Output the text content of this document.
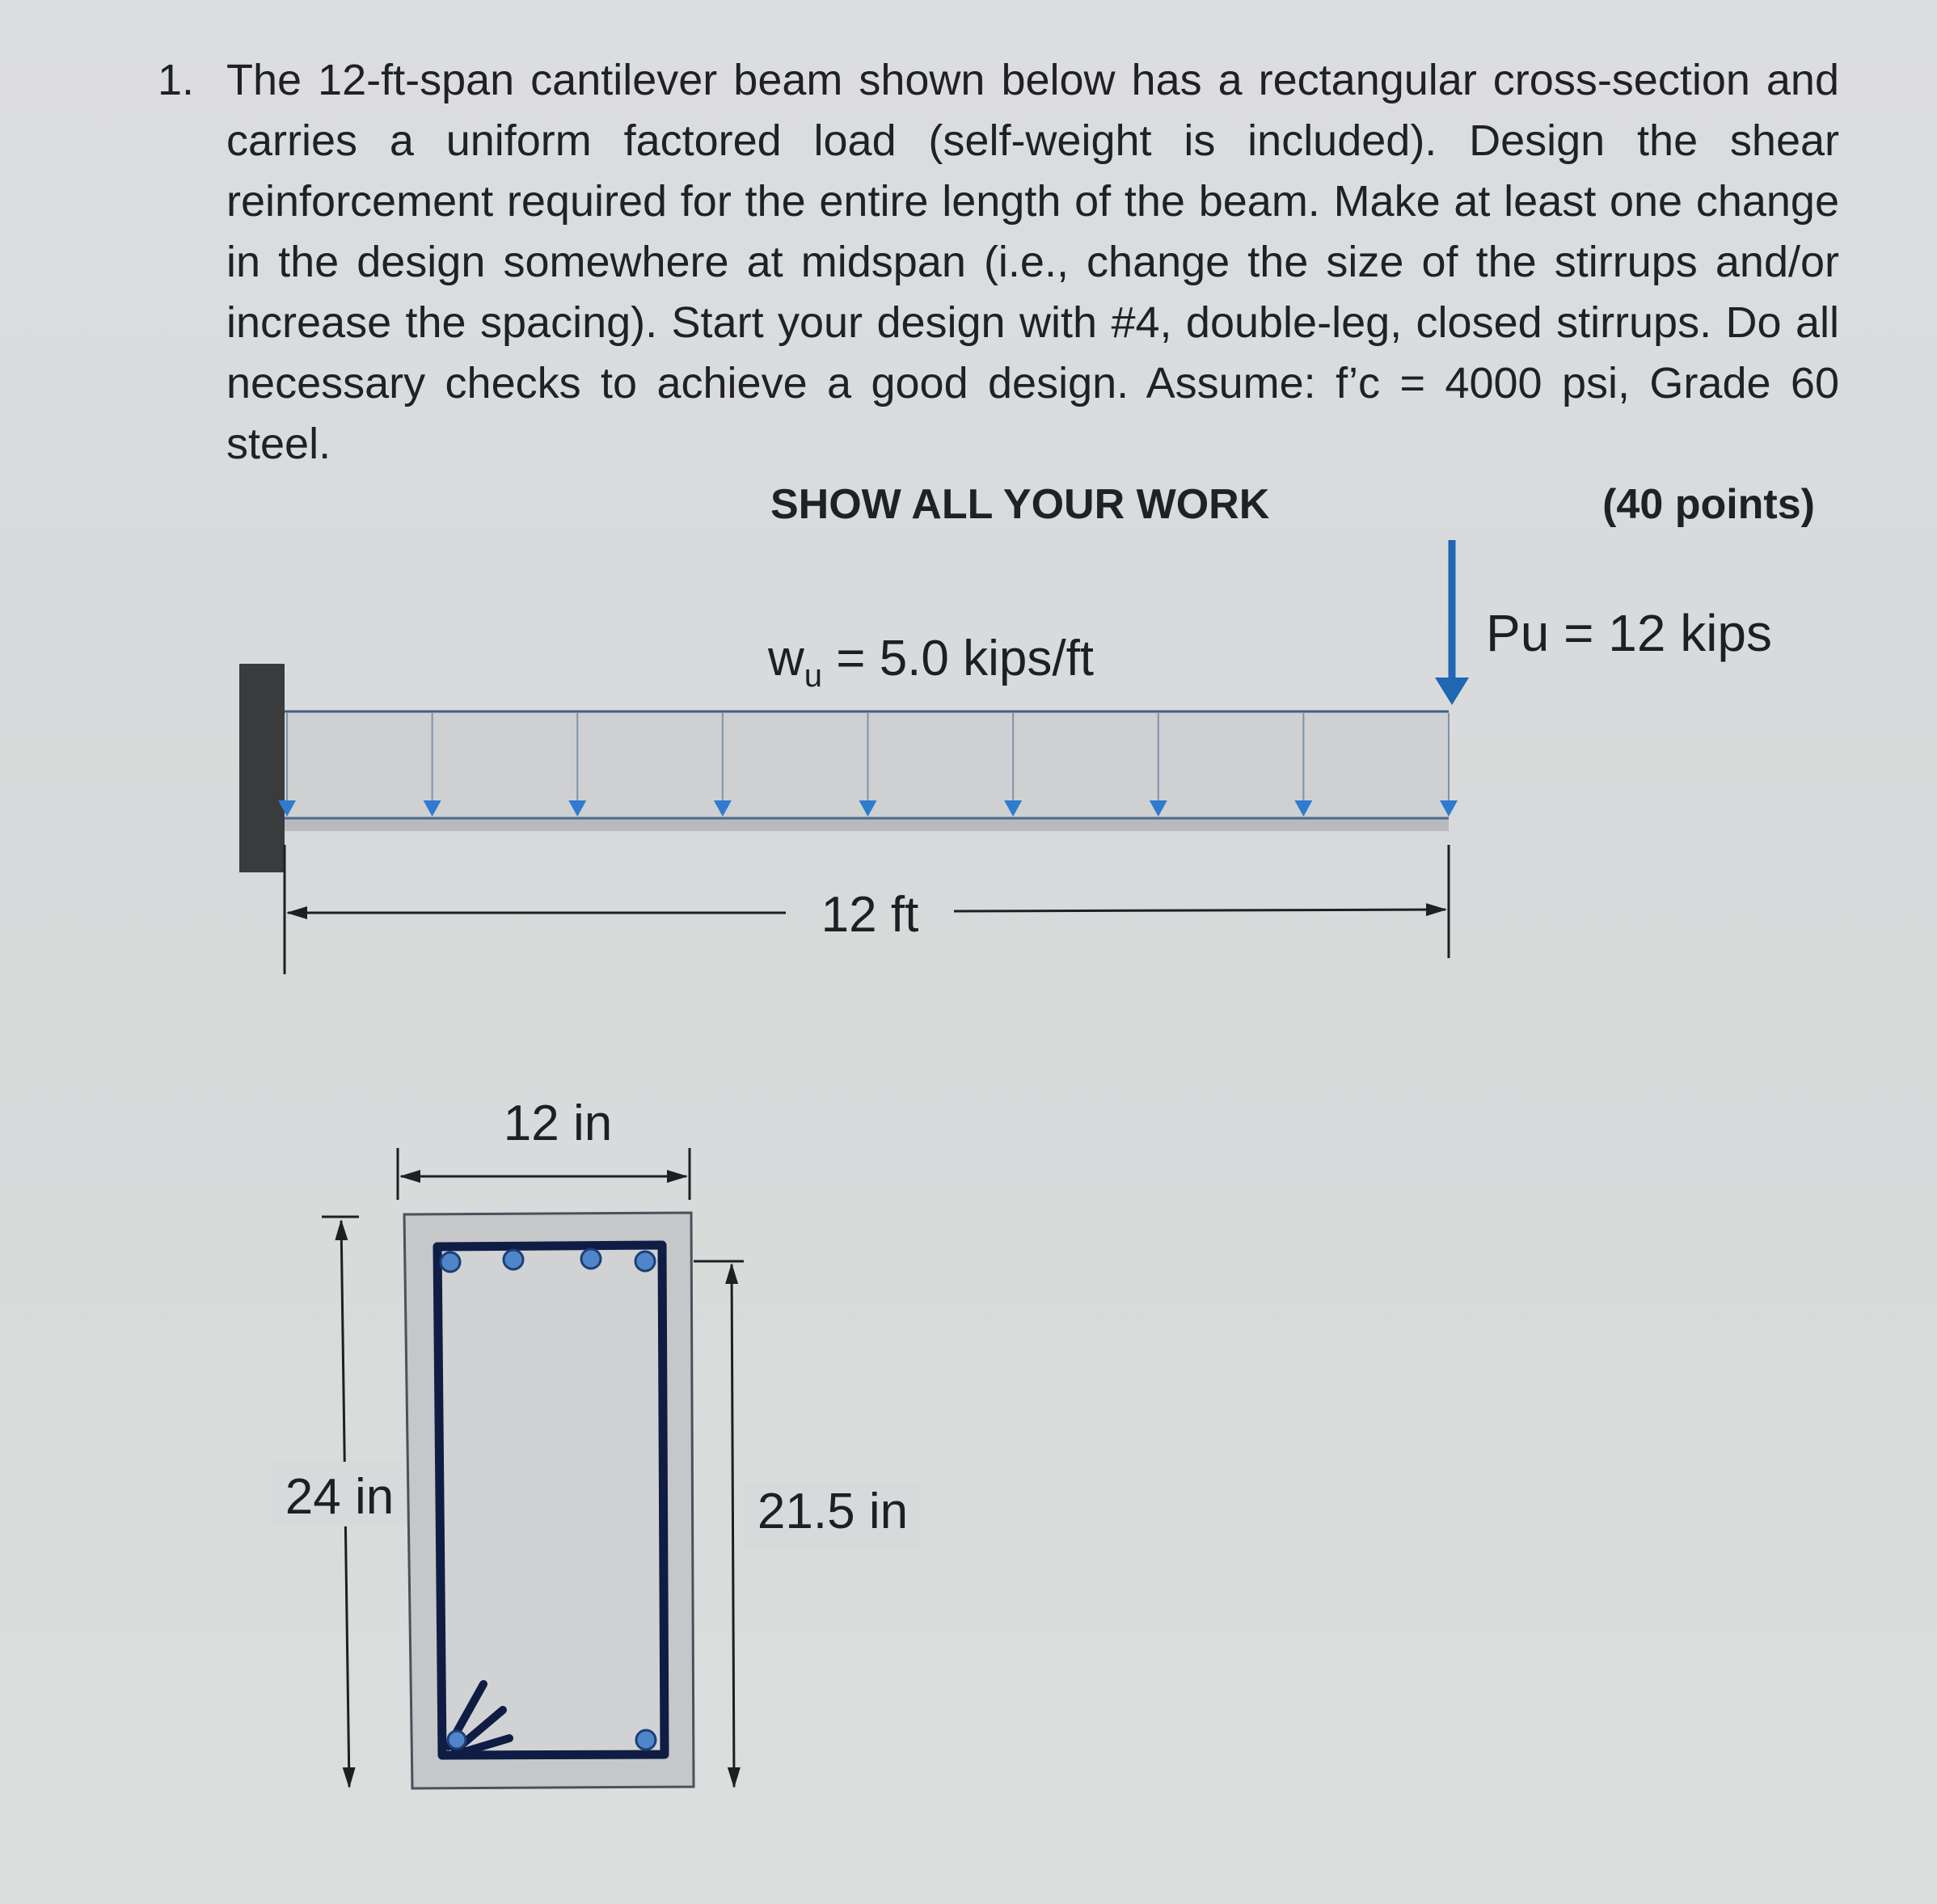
1. The 12-ft-span cantilever beam shown below has a rectangular cross-section and carries a uniform factored load (self-weight is included). Design the shear reinforcement required for the entire length of the beam. Make at least one change in the design somewhere at midspan (i.e., change the size of the stirrups and/or increase the spacing). Start your design with #4, double-leg, closed stirrups. Do all necessary checks to achieve a good design. Assume: f’c = 4000 psi, Grade 60 steel.

SHOW ALL YOUR WORK	(40 points)
$w_u = 5.0$ kips/ft	Pu = 12 kips
12 ft
12 in
24 in	21.5 in
